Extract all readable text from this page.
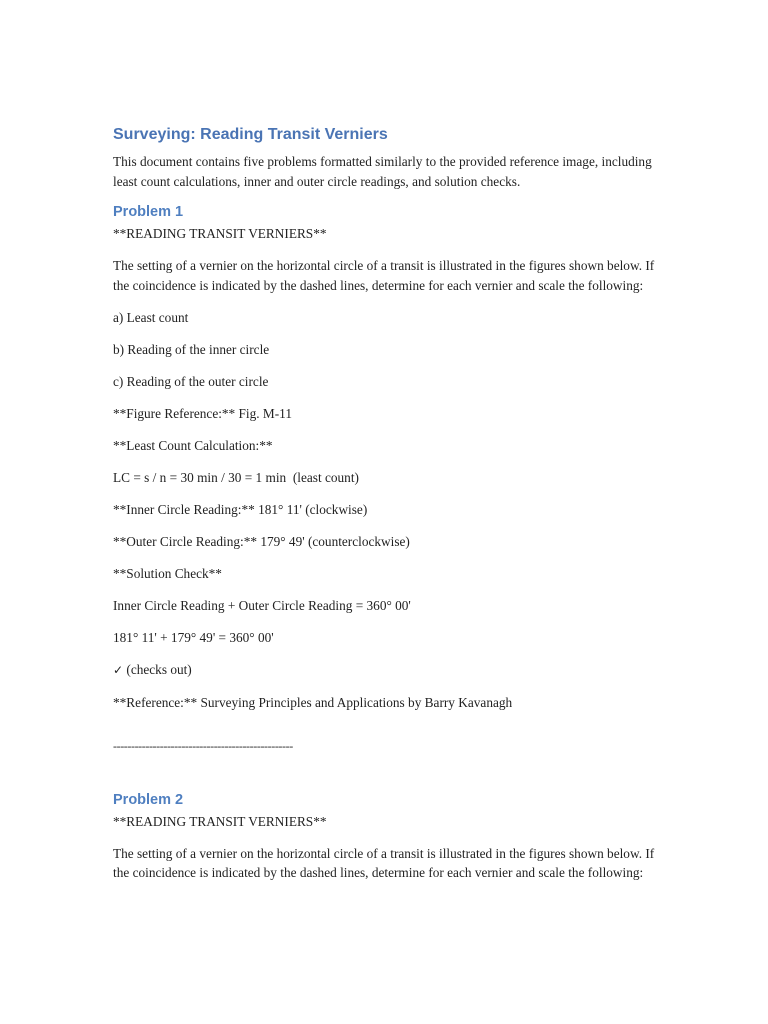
Surveying: Reading Transit Verniers

This document contains five problems formatted similarly to the provided reference image, including least count calculations, inner and outer circle readings, and solution checks.

Problem 1

**READING TRANSIT VERNIERS**

The setting of a vernier on the horizontal circle of a transit is illustrated in the figures shown below. If the coincidence is indicated by the dashed lines, determine for each vernier and scale the following:

a) Least count

b) Reading of the inner circle

c) Reading of the outer circle

**Figure Reference:** Fig. M-11

**Least Count Calculation:**

LC = s / n = 30 min / 30 = 1 min  (least count)

**Inner Circle Reading:** 181° 11' (clockwise)

**Outer Circle Reading:** 179° 49' (counterclockwise)

**Solution Check**

Inner Circle Reading + Outer Circle Reading = 360° 00'

181° 11' + 179° 49' = 360° 00'

✓ (checks out)

**Reference:** Surveying Principles and Applications by Barry Kavanagh

--------------------------------------------------
Problem 2

**READING TRANSIT VERNIERS**

The setting of a vernier on the horizontal circle of a transit is illustrated in the figures shown below. If the coincidence is indicated by the dashed lines, determine for each vernier and scale the following:
